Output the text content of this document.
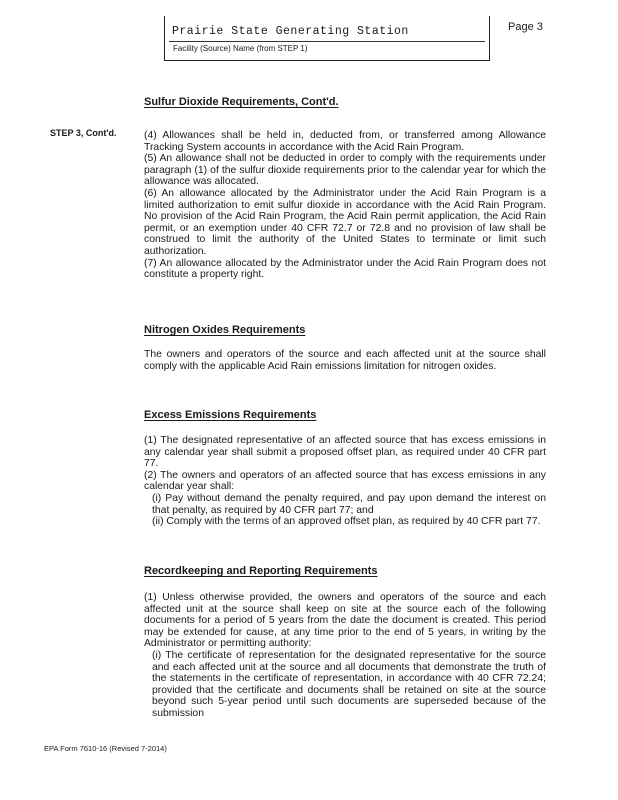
Prairie State Generating Station
Facility (Source) Name (from STEP 1)
Page 3
STEP 3, Cont'd.
Sulfur Dioxide Requirements, Cont'd.

(4) Allowances shall be held in, deducted from, or transferred among Allowance Tracking System accounts in accordance with the Acid Rain Program.

(5) An allowance shall not be deducted in order to comply with the requirements under paragraph (1) of the sulfur dioxide requirements prior to the calendar year for which the allowance was allocated.

(6) An allowance allocated by the Administrator under the Acid Rain Program is a limited authorization to emit sulfur dioxide in accordance with the Acid Rain Program. No provision of the Acid Rain Program, the Acid Rain permit application, the Acid Rain permit, or an exemption under 40 CFR 72.7 or 72.8 and no provision of law shall be construed to limit the authority of the United States to terminate or limit such authorization.

(7) An allowance allocated by the Administrator under the Acid Rain Program does not constitute a property right.

Nitrogen Oxides Requirements

The owners and operators of the source and each affected unit at the source shall comply with the applicable Acid Rain emissions limitation for nitrogen oxides.

Excess Emissions Requirements

(1) The designated representative of an affected source that has excess emissions in any calendar year shall submit a proposed offset plan, as required under 40 CFR part 77.

(2) The owners and operators of an affected source that has excess emissions in any calendar year shall:

(i) Pay without demand the penalty required, and pay upon demand the interest on that penalty, as required by 40 CFR part 77; and

(ii) Comply with the terms of an approved offset plan, as required by 40 CFR part 77.

Recordkeeping and Reporting Requirements

(1) Unless otherwise provided, the owners and operators of the source and each affected unit at the source shall keep on site at the source each of the following documents for a period of 5 years from the date the document is created. This period may be extended for cause, at any time prior to the end of 5 years, in writing by the Administrator or permitting authority:

(i) The certificate of representation for the designated representative for the source and each affected unit at the source and all documents that demonstrate the truth of the statements in the certificate of representation, in accordance with 40 CFR 72.24; provided that the certificate and documents shall be retained on site at the source beyond such 5-year period until such documents are superseded because of the submission

EPA Form 7610-16 (Revised 7-2014)
